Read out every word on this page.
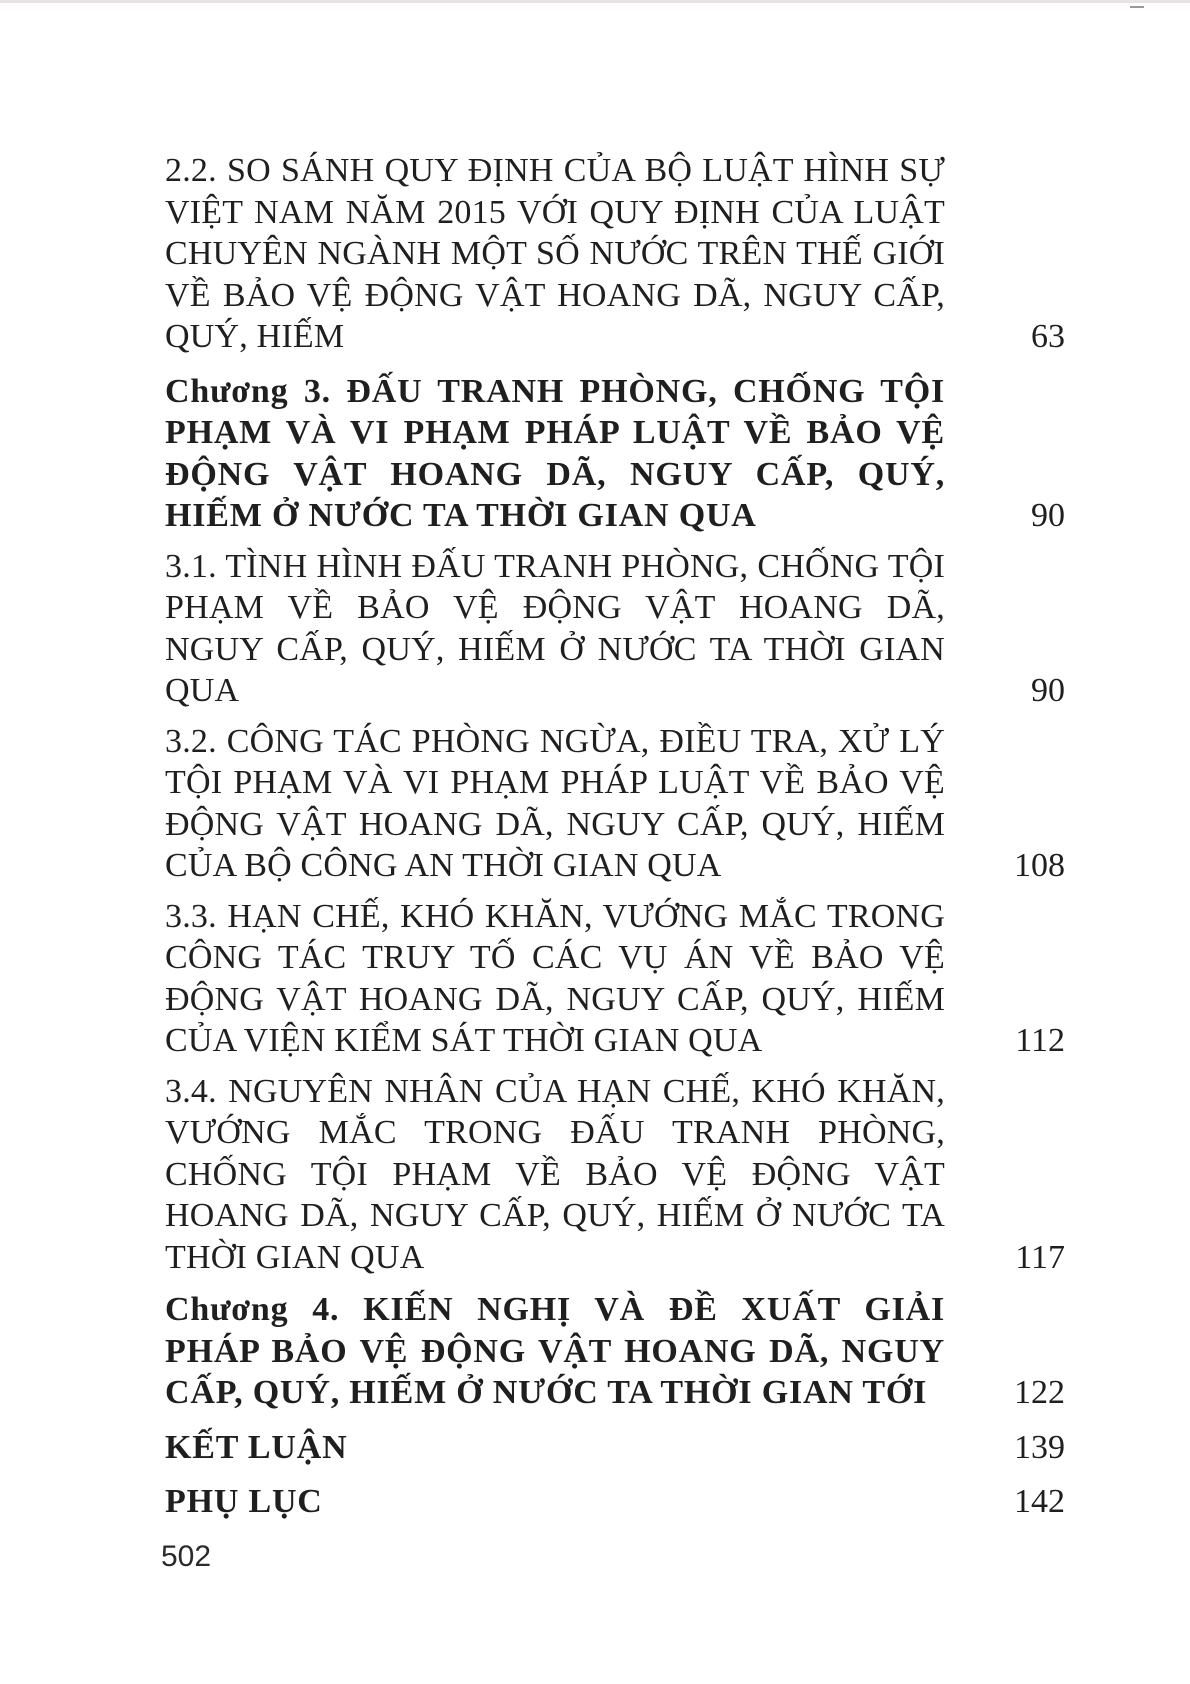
2.2. SO SÁNH QUY ĐỊNH CỦA BỘ LUẬT HÌNH SỰ VIỆT NAM NĂM 2015 VỚI QUY ĐỊNH CỦA LUẬT CHUYÊN NGÀNH MỘT SỐ NƯỚC TRÊN THẾ GIỚI VỀ BẢO VỆ ĐỘNG VẬT HOANG DÃ, NGUY CẤP, QUÝ, HIẾM	63
Chương 3. ĐẤU TRANH PHÒNG, CHỐNG TỘI PHẠM VÀ VI PHẠM PHÁP LUẬT VỀ BẢO VỆ ĐỘNG VẬT HOANG DÃ, NGUY CẤP, QUÝ, HIẾM Ở NƯỚC TA THỜI GIAN QUA	90
3.1. TÌNH HÌNH ĐẤU TRANH PHÒNG, CHỐNG TỘI PHẠM VỀ BẢO VỆ ĐỘNG VẬT HOANG DÃ, NGUY CẤP, QUÝ, HIẾM Ở NƯỚC TA THỜI GIAN QUA	90
3.2. CÔNG TÁC PHÒNG NGỪA, ĐIỀU TRA, XỬ LÝ TỘI PHẠM VÀ VI PHẠM PHÁP LUẬT VỀ BẢO VỆ ĐỘNG VẬT HOANG DÃ, NGUY CẤP, QUÝ, HIẾM CỦA BỘ CÔNG AN THỜI GIAN QUA	108
3.3. HẠN CHẾ, KHÓ KHĂN, VƯỚNG MẮC TRONG CÔNG TÁC TRUY TỐ CÁC VỤ ÁN VỀ BẢO VỆ ĐỘNG VẬT HOANG DÃ, NGUY CẤP, QUÝ, HIẾM CỦA VIỆN KIỂM SÁT THỜI GIAN QUA	112
3.4. NGUYÊN NHÂN CỦA HẠN CHẾ, KHÓ KHĂN, VƯỚNG MẮC TRONG ĐẤU TRANH PHÒNG, CHỐNG TỘI PHẠM VỀ BẢO VỆ ĐỘNG VẬT HOANG DÃ, NGUY CẤP, QUÝ, HIẾM Ở NƯỚC TA THỜI GIAN QUA	117
Chương 4. KIẾN NGHỊ VÀ ĐỀ XUẤT GIẢI PHÁP BẢO VỆ ĐỘNG VẬT HOANG DÃ, NGUY CẤP, QUÝ, HIẾM Ở NƯỚC TA THỜI GIAN TỚI	122
KẾT LUẬN	139
PHỤ LỤC	142
502
